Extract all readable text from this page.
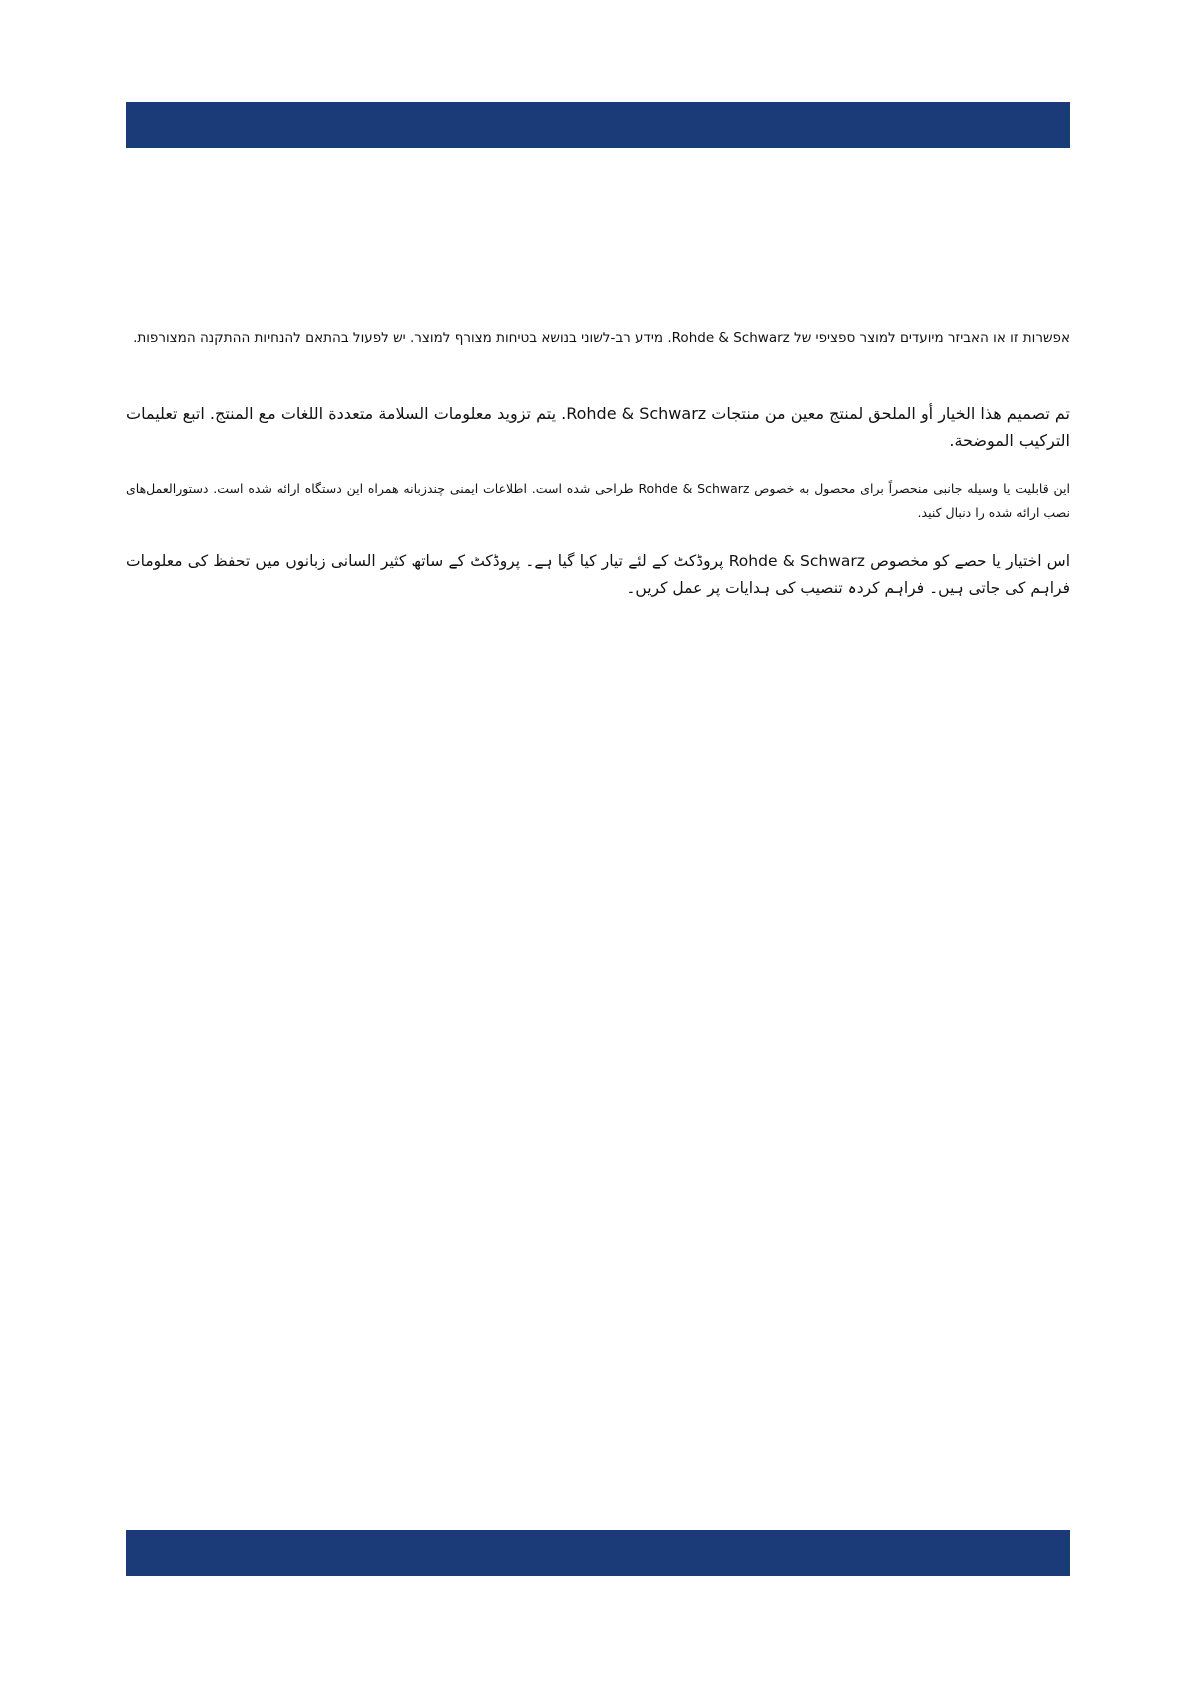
אפשרות זו או האביזר מיועדים למוצר ספציפי של Rohde & Schwarz. מידע רב-לשוני בנושא בטיחות מצורף למוצר. יש לפעול בהתאם להנחיות ההתקנה המצורפות.

تم تصميم هذا الخيار أو الملحق لمنتج معين من منتجات Rohde & Schwarz. يتم تزويد معلومات السلامة متعددة اللغات مع المنتج. اتبع تعليمات التركيب الموضحة.

این قابلیت یا وسیله جانبی منحصراً برای محصول به خصوص Rohde & Schwarz طراحی شده است. اطلاعات ایمنی چندزبانه همراه این دستگاه ارائه شده است. دستورالعمل‌های نصب ارائه شده را دنبال کنید.

اس اختیار یا حصے کو مخصوص Rohde & Schwarz پروڈکٹ کے لئے تیار کیا گیا ہے۔ پروڈکٹ کے ساتھ کثیر السانی زبانوں میں تحفظ کی معلومات فراہم کی جاتی ہیں۔ فراہم کردہ تنصیب کی ہدایات پر عمل کریں۔
